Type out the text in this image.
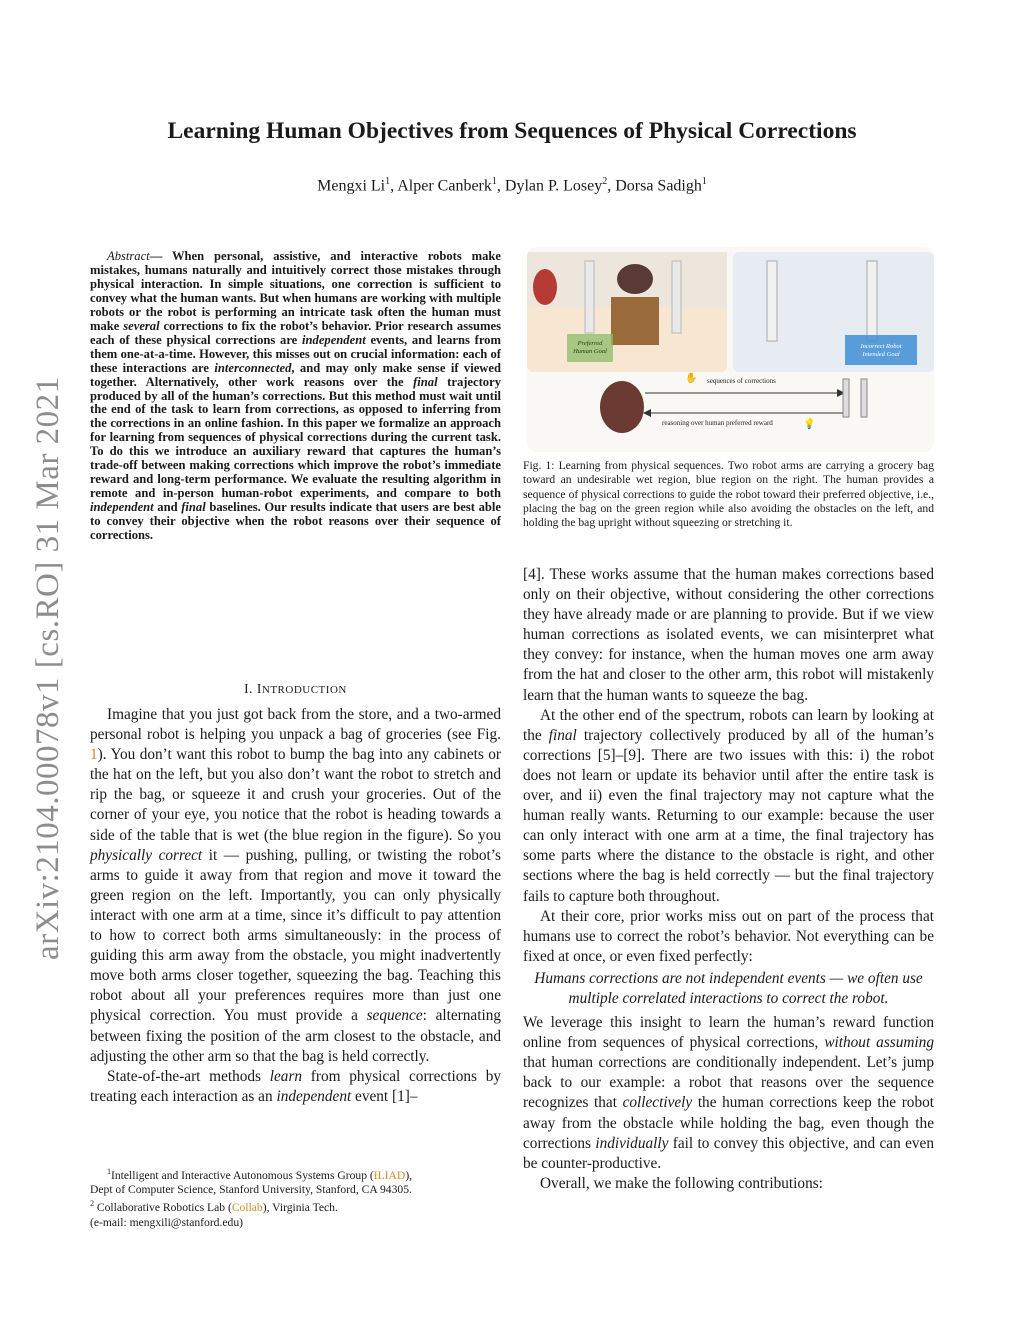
arXiv:2104.00078v1 [cs.RO] 31 Mar 2021
Learning Human Objectives from Sequences of Physical Corrections
Mengxi Li$^1$, Alper Canberk$^1$, Dylan P. Losey$^2$, Dorsa Sadigh$^1$
Abstract— When personal, assistive, and interactive robots make mistakes, humans naturally and intuitively correct those mistakes through physical interaction. In simple situations, one correction is sufficient to convey what the human wants. But when humans are working with multiple robots or the robot is performing an intricate task often the human must make several corrections to fix the robot’s behavior. Prior research assumes each of these physical corrections are independent events, and learns from them one-at-a-time. However, this misses out on crucial information: each of these interactions are interconnected, and may only make sense if viewed together. Alternatively, other work reasons over the final trajectory produced by all of the human’s corrections. But this method must wait until the end of the task to learn from corrections, as opposed to inferring from the corrections in an online fashion. In this paper we formalize an approach for learning from sequences of physical corrections during the current task. To do this we introduce an auxiliary reward that captures the human’s trade-off between making corrections which improve the robot’s immediate reward and long-term performance. We evaluate the resulting algorithm in remote and in-person human-robot experiments, and compare to both independent and final baselines. Our results indicate that users are best able to convey their objective when the robot reasons over their sequence of corrections.
I. INTRODUCTION

Imagine that you just got back from the store, and a two-armed personal robot is helping you unpack a bag of groceries (see Fig. 1). You don’t want this robot to bump the bag into any cabinets or the hat on the left, but you also don’t want the robot to stretch and rip the bag, or squeeze it and crush your groceries. Out of the corner of your eye, you notice that the robot is heading towards a side of the table that is wet (the blue region in the figure). So you physically correct it — pushing, pulling, or twisting the robot’s arms to guide it away from that region and move it toward the green region on the left. Importantly, you can only physically interact with one arm at a time, since it’s difficult to pay attention to how to correct both arms simultaneously: in the process of guiding this arm away from the obstacle, you might inadvertently move both arms closer together, squeezing the bag. Teaching this robot about all your preferences requires more than just one physical correction. You must provide a sequence: alternating between fixing the position of the arm closest to the obstacle, and adjusting the other arm so that the bag is held correctly.

State-of-the-art methods learn from physical corrections by treating each interaction as an independent event [1]–

$^1$Intelligent and Interactive Autonomous Systems Group (ILIAD),
Dept of Computer Science, Stanford University, Stanford, CA 94305.
$^2$ Collaborative Robotics Lab (Collab), Virginia Tech.
(e-mail: mengxili@stanford.edu)
Preferred Human Goal
Incorrect Robot Intended Goal
✋ sequences of corrections
reasoning over human preferred reward	💡
Fig. 1: Learning from physical sequences. Two robot arms are carrying a grocery bag toward an undesirable wet region, blue region on the right. The human provides a sequence of physical corrections to guide the robot toward their preferred objective, i.e., placing the bag on the green region while also avoiding the obstacles on the left, and holding the bag upright without squeezing or stretching it.

[4]. These works assume that the human makes corrections based only on their objective, without considering the other corrections they have already made or are planning to provide. But if we view human corrections as isolated events, we can misinterpret what they convey: for instance, when the human moves one arm away from the hat and closer to the other arm, this robot will mistakenly learn that the human wants to squeeze the bag.

At the other end of the spectrum, robots can learn by looking at the final trajectory collectively produced by all of the human’s corrections [5]–[9]. There are two issues with this: i) the robot does not learn or update its behavior until after the entire task is over, and ii) even the final trajectory may not capture what the human really wants. Returning to our example: because the user can only interact with one arm at a time, the final trajectory has some parts where the distance to the obstacle is right, and other sections where the bag is held correctly — but the final trajectory fails to capture both throughout.

At their core, prior works miss out on part of the process that humans use to correct the robot’s behavior. Not everything can be fixed at once, or even fixed perfectly:

Humans corrections are not independent events — we often use multiple correlated interactions to correct the robot.

We leverage this insight to learn the human’s reward function online from sequences of physical corrections, without assuming that human corrections are conditionally independent. Let’s jump back to our example: a robot that reasons over the sequence recognizes that collectively the human corrections keep the robot away from the obstacle while holding the bag, even though the corrections individually fail to convey this objective, and can even be counter-productive.

Overall, we make the following contributions:
